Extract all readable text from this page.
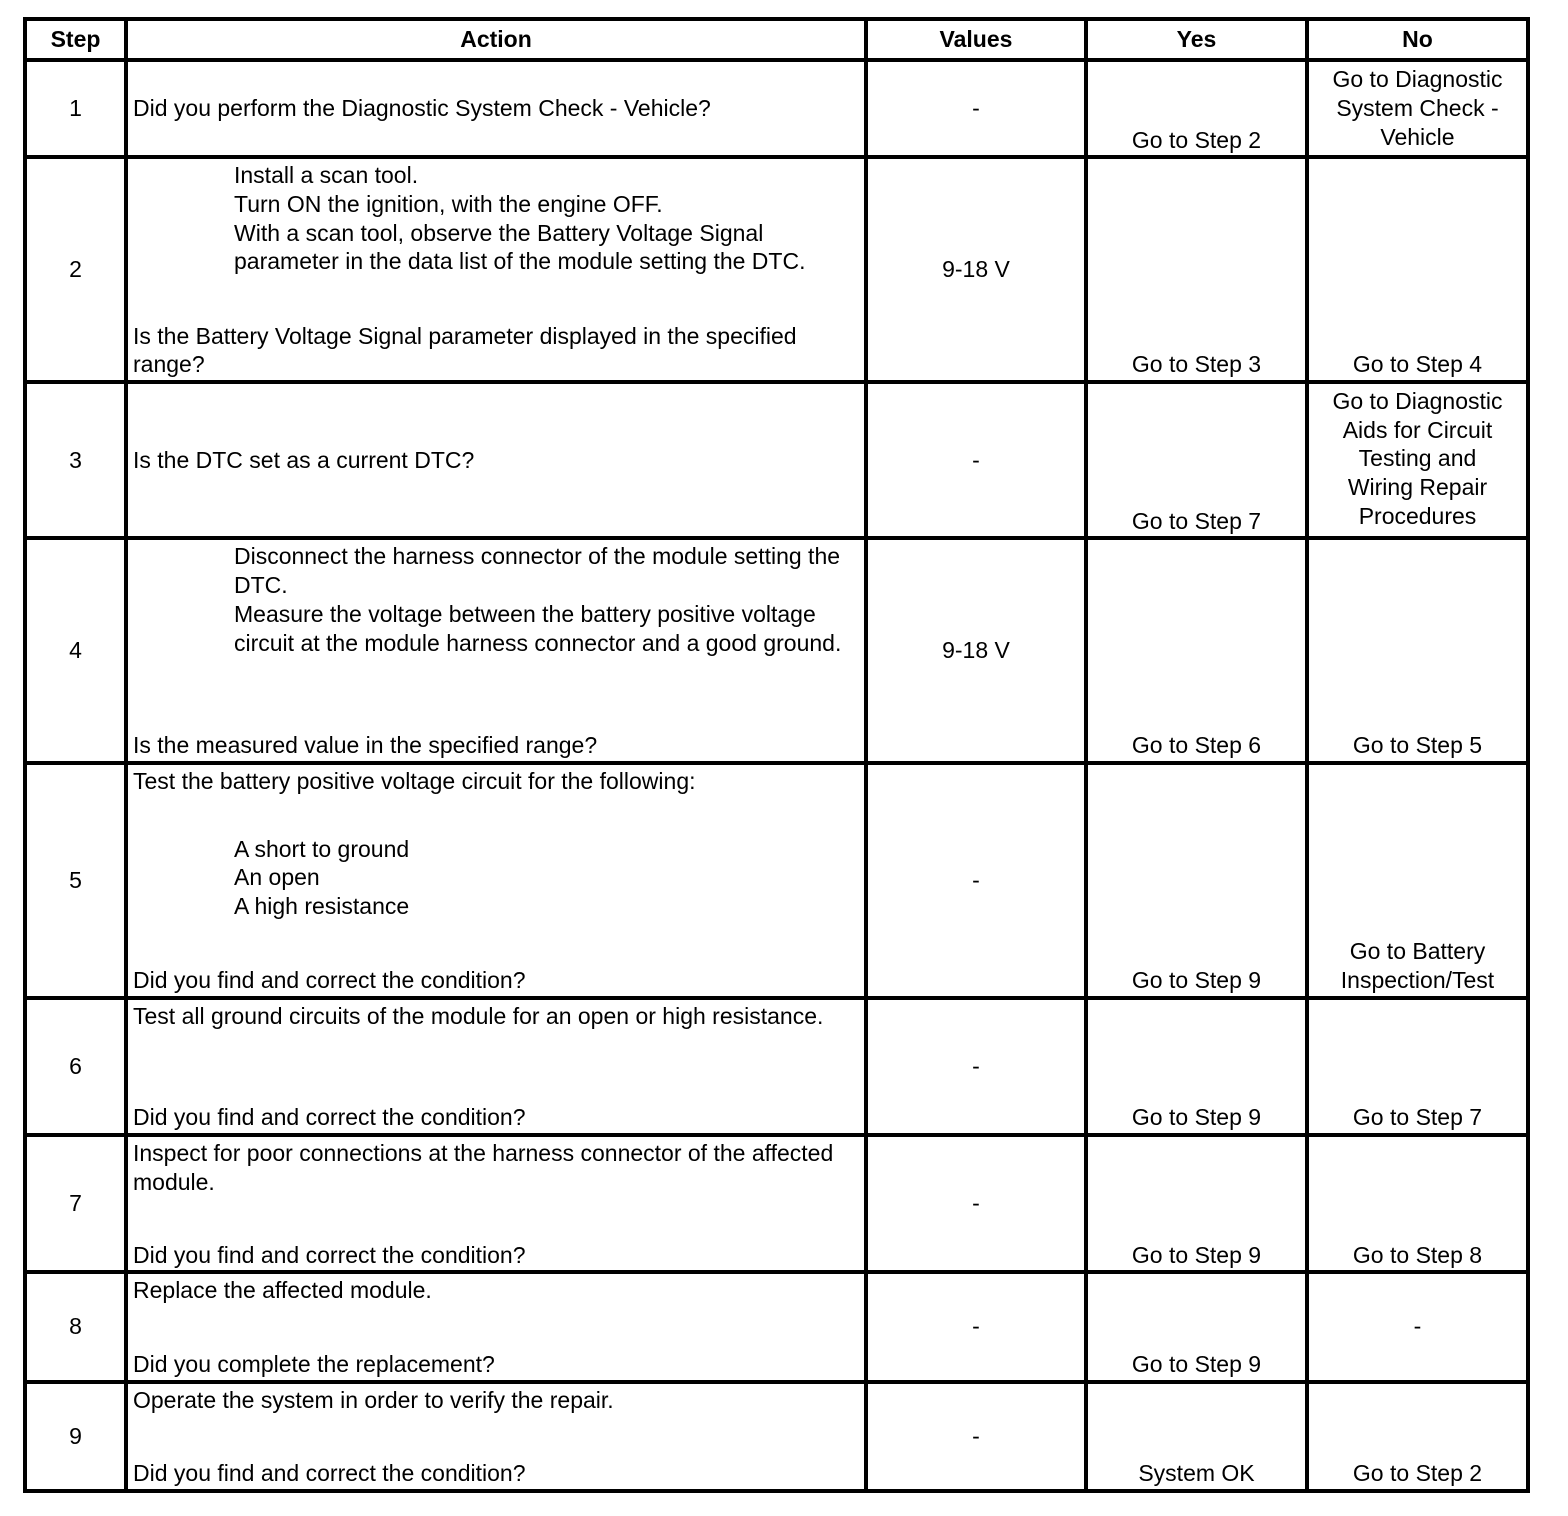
Step	Action	Values	Yes	No

1	Did you perform the Diagnostic System Check - Vehicle?	-	Go to Step 2	Go to Diagnostic System Check - Vehicle

2	Install a scan tool.
Turn ON the ignition, with the engine OFF.
With a scan tool, observe the Battery Voltage Signal parameter in the data list of the module setting the DTC.
Is the Battery Voltage Signal parameter displayed in the specified range?	9-18 V	Go to Step 3	Go to Step 4

3	Is the DTC set as a current DTC?	-	Go to Step 7	Go to Diagnostic Aids for Circuit Testing and Wiring Repair Procedures

4	Disconnect the harness connector of the module setting the DTC.
Measure the voltage between the battery positive voltage circuit at the module harness connector and a good ground.
Is the measured value in the specified range?	9-18 V	Go to Step 6	Go to Step 5

5	Test the battery positive voltage circuit for the following:
A short to ground
An open
A high resistance
Did you find and correct the condition?	-	Go to Step 9	Go to Battery Inspection/Test

6	Test all ground circuits of the module for an open or high resistance.
Did you find and correct the condition?	-	Go to Step 9	Go to Step 7

7	Inspect for poor connections at the harness connector of the affected module.
Did you find and correct the condition?	-	Go to Step 9	Go to Step 8

8	Replace the affected module.
Did you complete the replacement?	-	Go to Step 9	-

9	Operate the system in order to verify the repair.
Did you find and correct the condition?	-	System OK	Go to Step 2
